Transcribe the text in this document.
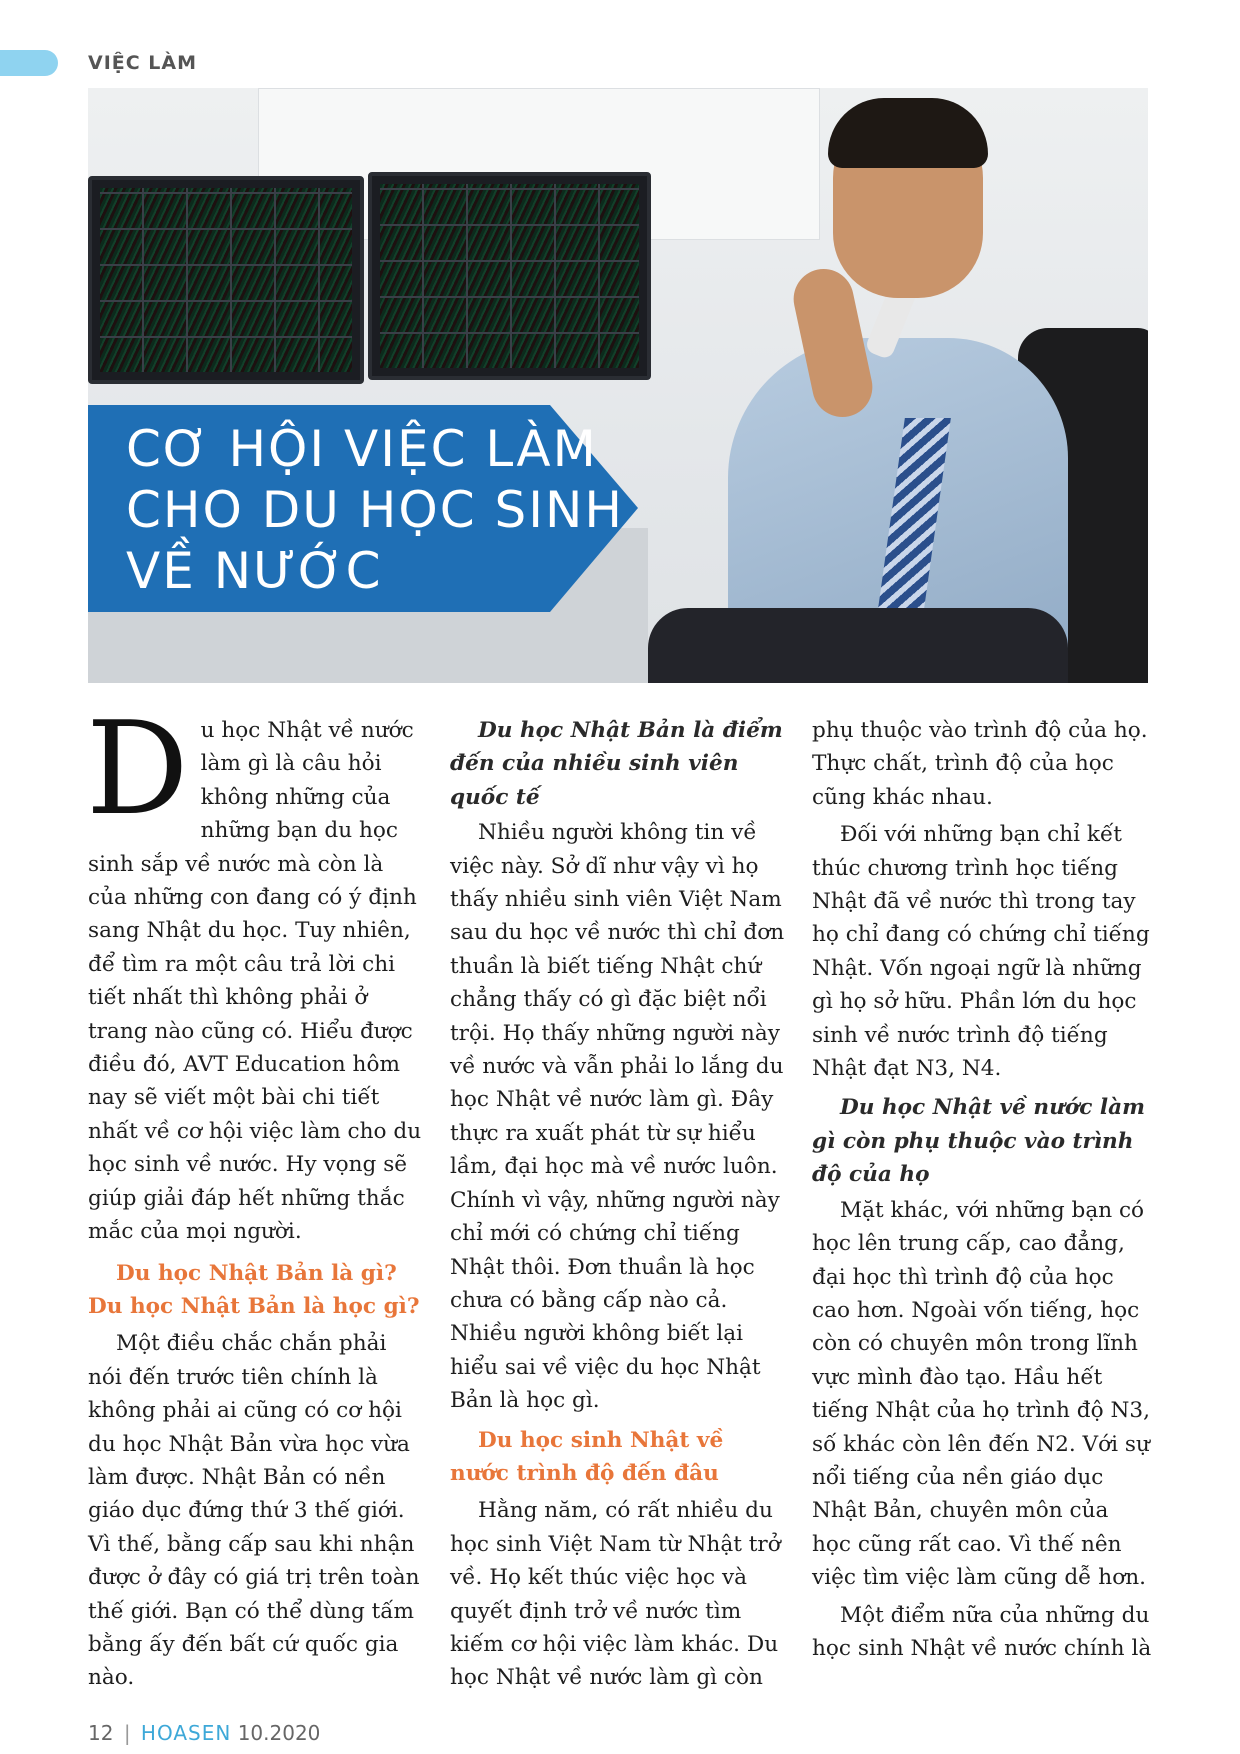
VIỆC LÀM
CƠ HỘI VIỆC LÀM
CHO DU HỌC SINH
VỀ NƯỚC

Du học Nhật về nước làm gì là câu hỏi không những của những bạn du học sinh sắp về nước mà còn là của những con đang có ý định sang Nhật du học. Tuy nhiên, để tìm ra một câu trả lời chi tiết nhất thì không phải ở trang nào cũng có. Hiểu được điều đó, AVT Education hôm nay sẽ viết một bài chi tiết nhất về cơ hội việc làm cho du học sinh về nước. Hy vọng sẽ giúp giải đáp hết những thắc mắc của mọi người.

Du học Nhật Bản là gì? Du học Nhật Bản là học gì?

Một điều chắc chắn phải nói đến trước tiên chính là không phải ai cũng có cơ hội du học Nhật Bản vừa học vừa làm được. Nhật Bản có nền giáo dục đứng thứ 3 thế giới. Vì thế, bằng cấp sau khi nhận được ở đây có giá trị trên toàn thế giới. Bạn có thể dùng tấm bằng ấy đến bất cứ quốc gia nào.

Du học Nhật Bản là điểm đến của nhiều sinh viên quốc tế

Nhiều người không tin về việc này. Sở dĩ như vậy vì họ thấy nhiều sinh viên Việt Nam sau du học về nước thì chỉ đơn thuần là biết tiếng Nhật chứ chẳng thấy có gì đặc biệt nổi trội. Họ thấy những người này về nước và vẫn phải lo lắng du học Nhật về nước làm gì. Đây thực ra xuất phát từ sự hiểu lầm, đại học mà về nước luôn. Chính vì vậy, những người này chỉ mới có chứng chỉ tiếng Nhật thôi. Đơn thuần là học chưa có bằng cấp nào cả. Nhiều người không biết lại hiểu sai về việc du học Nhật Bản là học gì.

Du học sinh Nhật về nước trình độ đến đâu

Hằng năm, có rất nhiều du học sinh Việt Nam từ Nhật trở về. Họ kết thúc việc học và quyết định trở về nước tìm kiếm cơ hội việc làm khác. Du học Nhật về nước làm gì còn

phụ thuộc vào trình độ của họ. Thực chất, trình độ của học cũng khác nhau.

Đối với những bạn chỉ kết thúc chương trình học tiếng Nhật đã về nước thì trong tay họ chỉ đang có chứng chỉ tiếng Nhật. Vốn ngoại ngữ là những gì họ sở hữu. Phần lớn du học sinh về nước trình độ tiếng Nhật đạt N3, N4.

Du học Nhật về nước làm gì còn phụ thuộc vào trình độ của họ

Mặt khác, với những bạn có học lên trung cấp, cao đẳng, đại học thì trình độ của học cao hơn. Ngoài vốn tiếng, học còn có chuyên môn trong lĩnh vực mình đào tạo. Hầu hết tiếng Nhật của họ trình độ N3, số khác còn lên đến N2. Với sự nổi tiếng của nền giáo dục Nhật Bản, chuyên môn của học cũng rất cao. Vì thế nên việc tìm việc làm cũng dễ hơn.

Một điểm nữa của những du học sinh Nhật về nước chính là

12 | HOASEN 10.2020
